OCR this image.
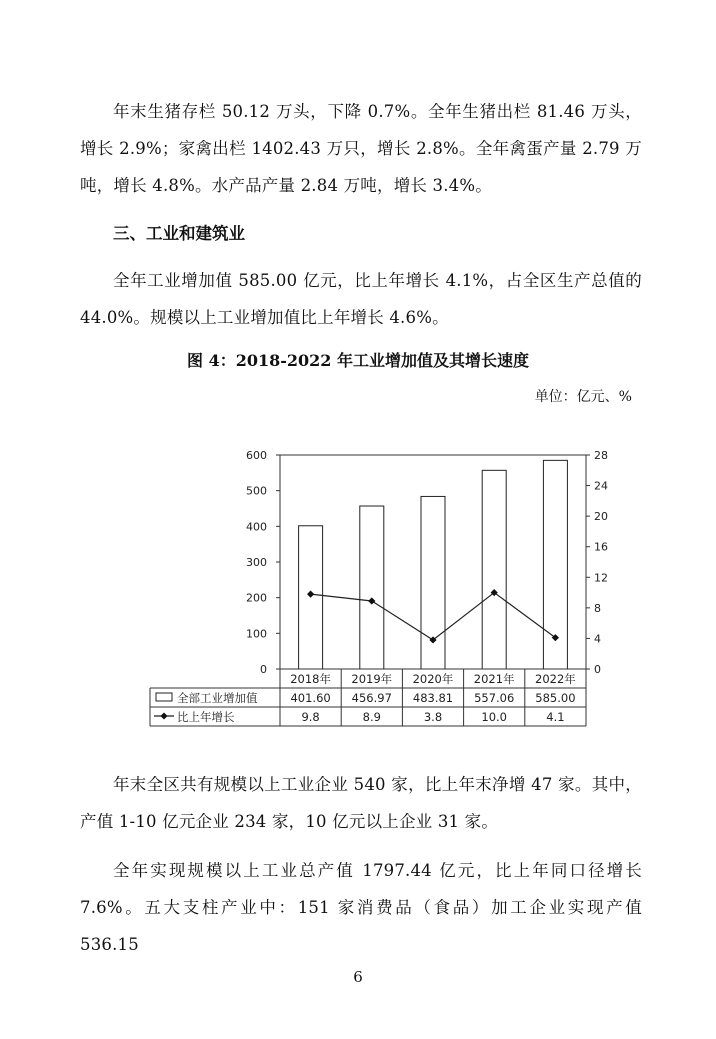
年末生猪存栏 50.12 万头，下降 0.7%。全年生猪出栏 81.46 万头，增长 2.9%；家禽出栏 1402.43 万只，增长 2.8%。全年禽蛋产量 2.79 万吨，增长 4.8%。水产品产量 2.84 万吨，增长 3.4%。

三、工业和建筑业

全年工业增加值 585.00 亿元，比上年增长 4.1%，占全区生产总值的 44.0%。规模以上工业增加值比上年增长 4.6%。

图 4：2018-2022 年工业增加值及其增长速度

单位：亿元、%

0
100
200
300
400
500
600
0
4
8
12
16
20
24
28
2018年 2019年 2020年 2021年 2022年
全部工业增加值	401.60 456.97 483.81 557.06 585.00
比上年增长	9.8	8.9	3.8	10.0	4.1

年末全区共有规模以上工业企业 540 家，比上年末净增 47 家。其中，产值 1-10 亿元企业 234 家，10 亿元以上企业 31 家。

全年实现规模以上工业总产值 1797.44 亿元，比上年同口径增长 7.6%。五大支柱产业中：151 家消费品（食品）加工企业实现产值 536.15

6
